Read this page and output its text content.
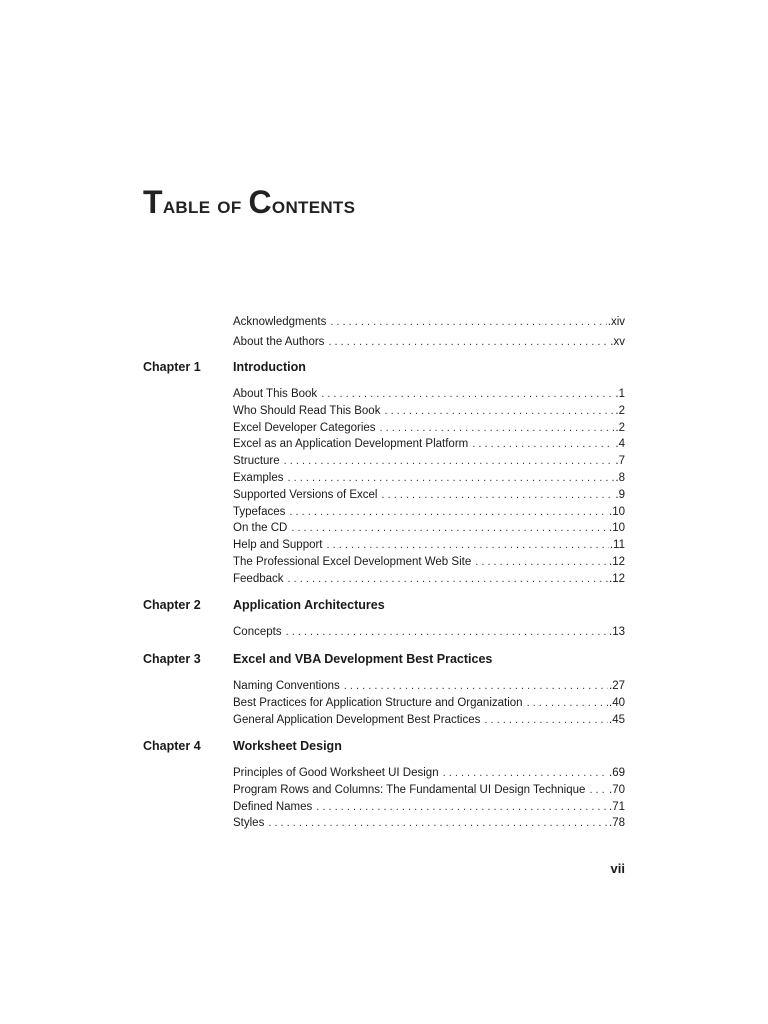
Table of Contents
Acknowledgments . . .	.xiv
About the Authors . . .	.xv
Chapter 1	Introduction
About This Book . . .	.1
Who Should Read This Book . . .	.2
Excel Developer Categories . . .	.2
Excel as an Application Development Platform . . .	.4
Structure . . .	.7
Examples . . .	.8
Supported Versions of Excel . . .	.9
Typefaces . . .	.10
On the CD . . .	.10
Help and Support . . .	.11
The Professional Excel Development Web Site . . .	.12
Feedback . . .	.12
Chapter 2	Application Architectures
Concepts . . .	.13
Chapter 3	Excel and VBA Development Best Practices
Naming Conventions . . .	.27
Best Practices for Application Structure and Organization . . .	.40
General Application Development Best Practices . . .	.45
Chapter 4	Worksheet Design
Principles of Good Worksheet UI Design . . .	.69
Program Rows and Columns: The Fundamental UI Design Technique . . .	.70
Defined Names . . .	.71
Styles . . .	.78
vii
